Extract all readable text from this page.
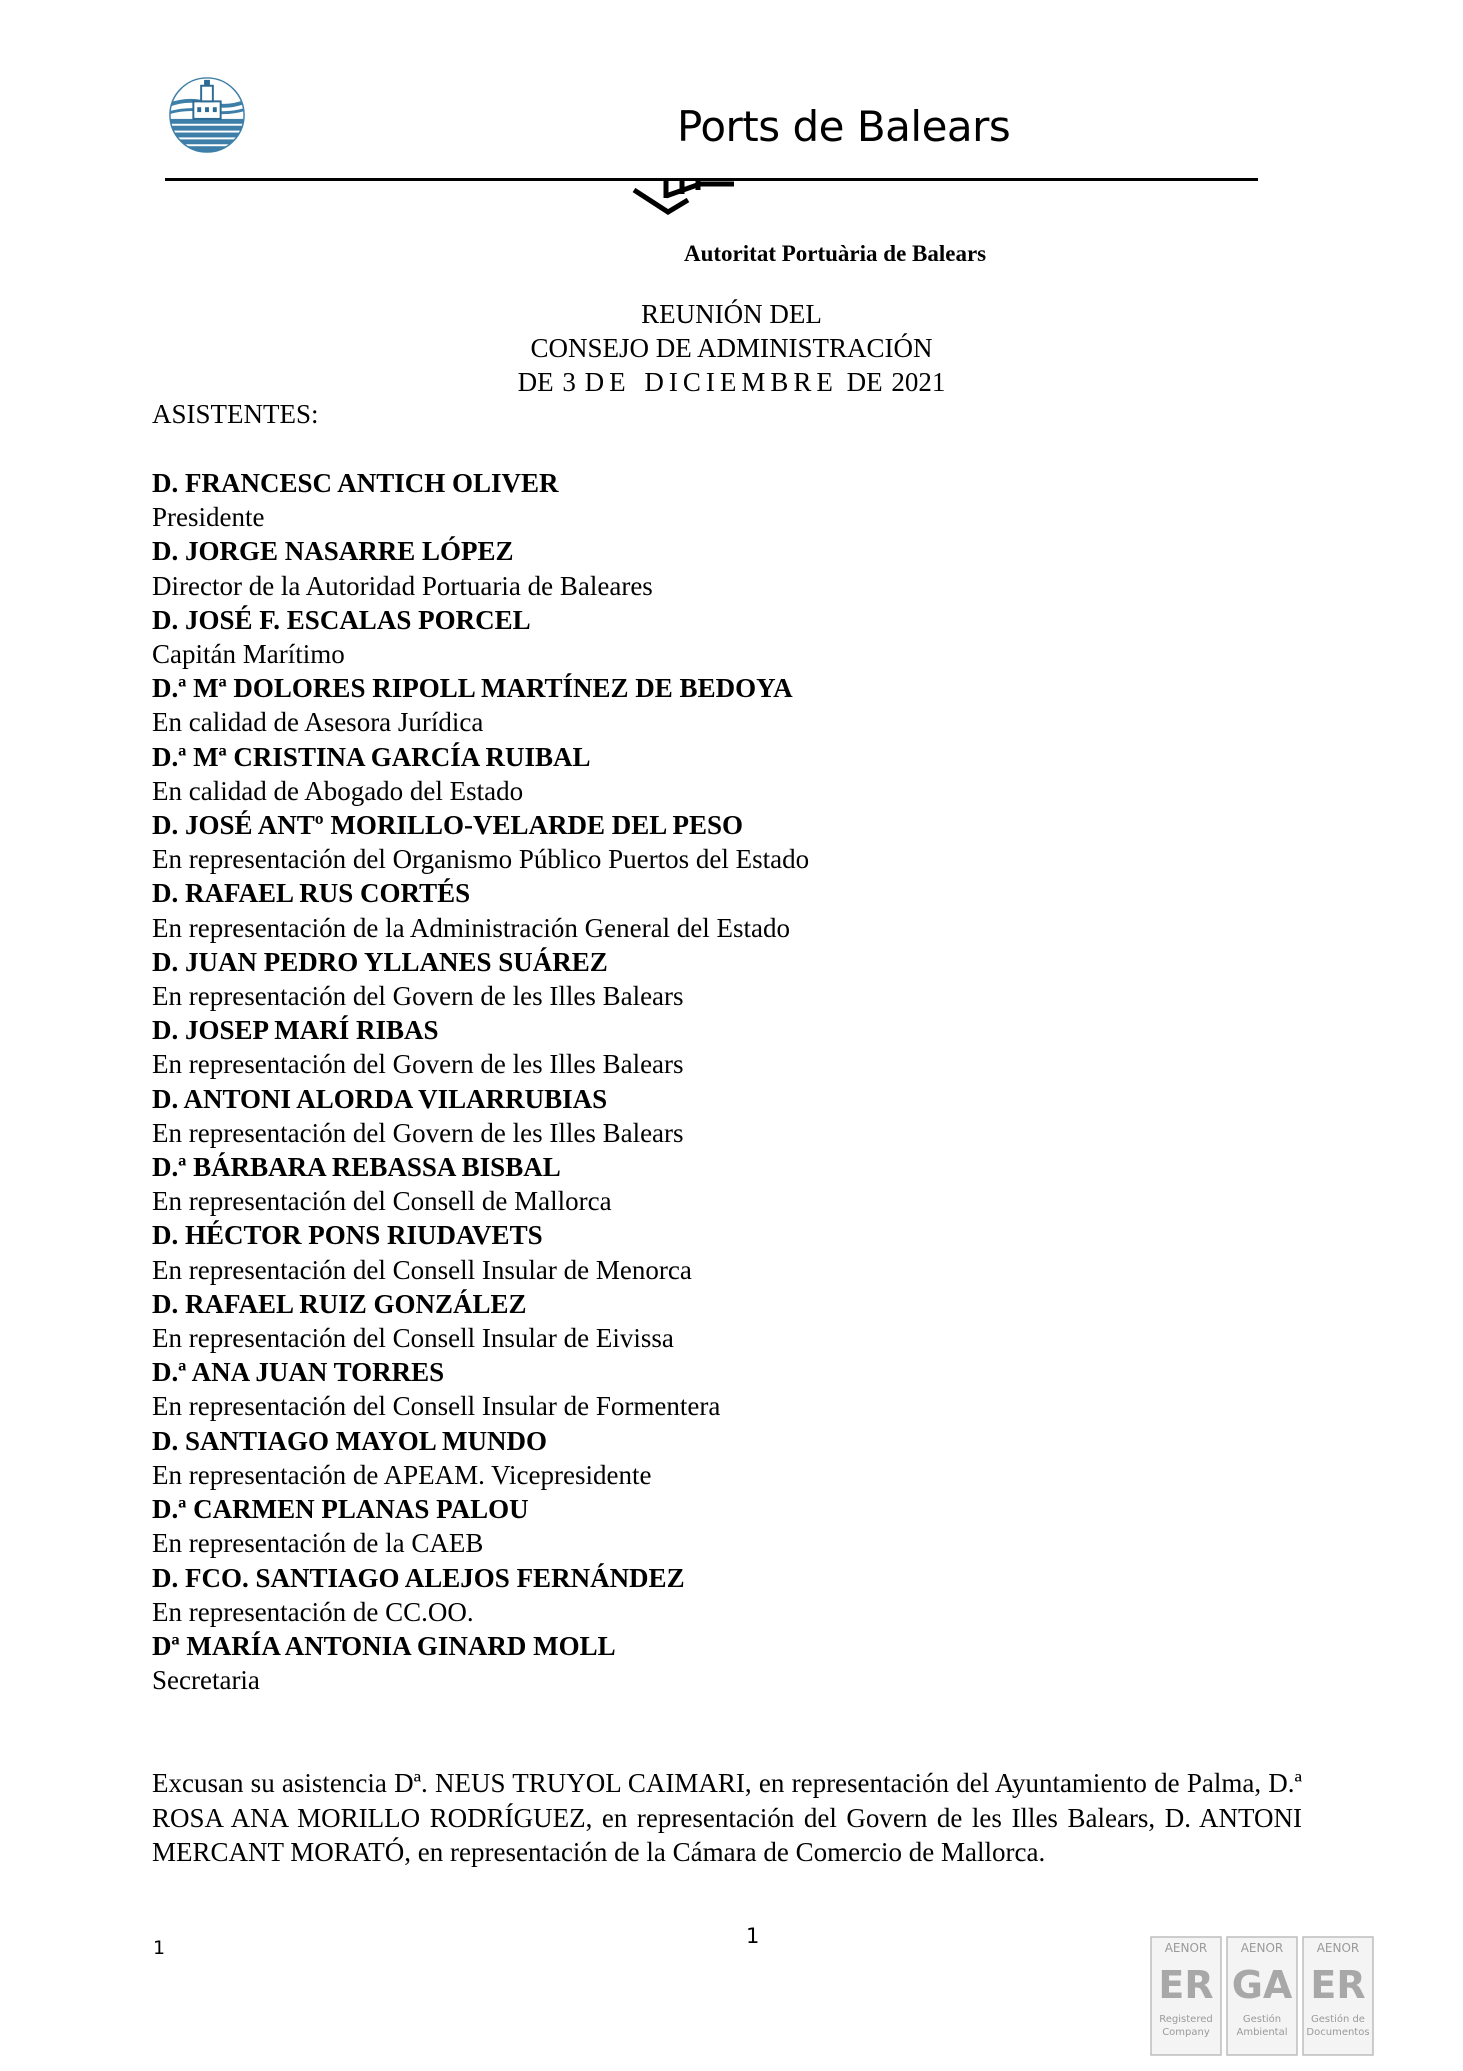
Ports de Balears
Autoritat Portuària de Balears
REUNIÓN DEL
CONSEJO DE ADMINISTRACIÓN
DE 3 DE DICIEMBRE DE 2021
ASISTENTES:
D. FRANCESC ANTICH OLIVER
Presidente
D. JORGE NASARRE LÓPEZ
Director de la Autoridad Portuaria de Baleares
D. JOSÉ F. ESCALAS PORCEL
Capitán Marítimo
D.ª Mª DOLORES RIPOLL MARTÍNEZ DE BEDOYA
En calidad de Asesora Jurídica
D.ª Mª CRISTINA GARCÍA RUIBAL
En calidad de Abogado del Estado
D. JOSÉ ANTº MORILLO-VELARDE DEL PESO
En representación del Organismo Público Puertos del Estado
D. RAFAEL RUS CORTÉS
En representación de la Administración General del Estado
D. JUAN PEDRO YLLANES SUÁREZ
En representación del Govern de les Illes Balears
D. JOSEP MARÍ RIBAS
En representación del Govern de les Illes Balears
D. ANTONI ALORDA VILARRUBIAS
En representación del Govern de les Illes Balears
D.ª BÁRBARA REBASSA BISBAL
En representación del Consell de Mallorca
D. HÉCTOR PONS RIUDAVETS
En representación del Consell Insular de Menorca
D. RAFAEL RUIZ GONZÁLEZ
En representación del Consell Insular de Eivissa
D.ª ANA JUAN TORRES
En representación del Consell Insular de Formentera
D. SANTIAGO MAYOL MUNDO
En representación de APEAM. Vicepresidente
D.ª CARMEN PLANAS PALOU
En representación de la CAEB
D. FCO. SANTIAGO ALEJOS FERNÁNDEZ
En representación de CC.OO.
Dª MARÍA ANTONIA GINARD MOLL
Secretaria
Excusan su asistencia Dª. NEUS TRUYOL CAIMARI, en representación del Ayuntamiento de Palma, D.ª ROSA ANA MORILLO RODRÍGUEZ, en representación del Govern de les Illes Balears, D. ANTONI MERCANT MORATÓ, en representación de la Cámara de Comercio de Mallorca.
1
1	AENOR
ER
Registered
Company
AENOR
GA
Gestión
Ambiental
AENOR
ER
Gestión de
Documentos
